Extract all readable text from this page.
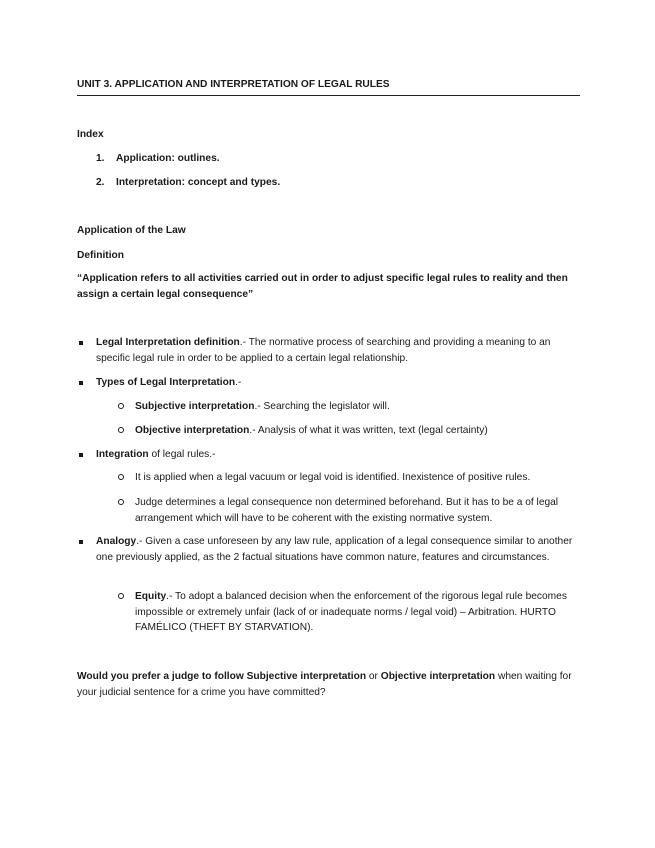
UNIT 3. APPLICATION AND INTERPRETATION OF LEGAL RULES
Index
1. Application: outlines.
2. Interpretation: concept and types.
Application of the Law
Definition
“Application refers to all activities carried out in order to adjust specific legal rules to reality and then assign a certain legal consequence”
Legal Interpretation definition.- The normative process of searching and providing a meaning to an specific legal rule in order to be applied to a certain legal relationship.
Types of Legal Interpretation.-
Subjective interpretation.- Searching the legislator will.
Objective interpretation.- Analysis of what it was written, text (legal certainty)
Integration of legal rules.-
It is applied when a legal vacuum or legal void is identified. Inexistence of positive rules.
Judge determines a legal consequence non determined beforehand. But it has to be a of legal arrangement which will have to be coherent with the existing normative system.
Analogy.- Given a case unforeseen by any law rule, application of a legal consequence similar to another one previously applied, as the 2 factual situations have common nature, features and circumstances.
Equity.- To adopt a balanced decision when the enforcement of the rigorous legal rule becomes impossible or extremely unfair (lack of or inadequate norms / legal void) – Arbitration. HURTO FAMÉLICO (THEFT BY STARVATION).
Would you prefer a judge to follow Subjective interpretation or Objective interpretation when waiting for your judicial sentence for a crime you have committed?
